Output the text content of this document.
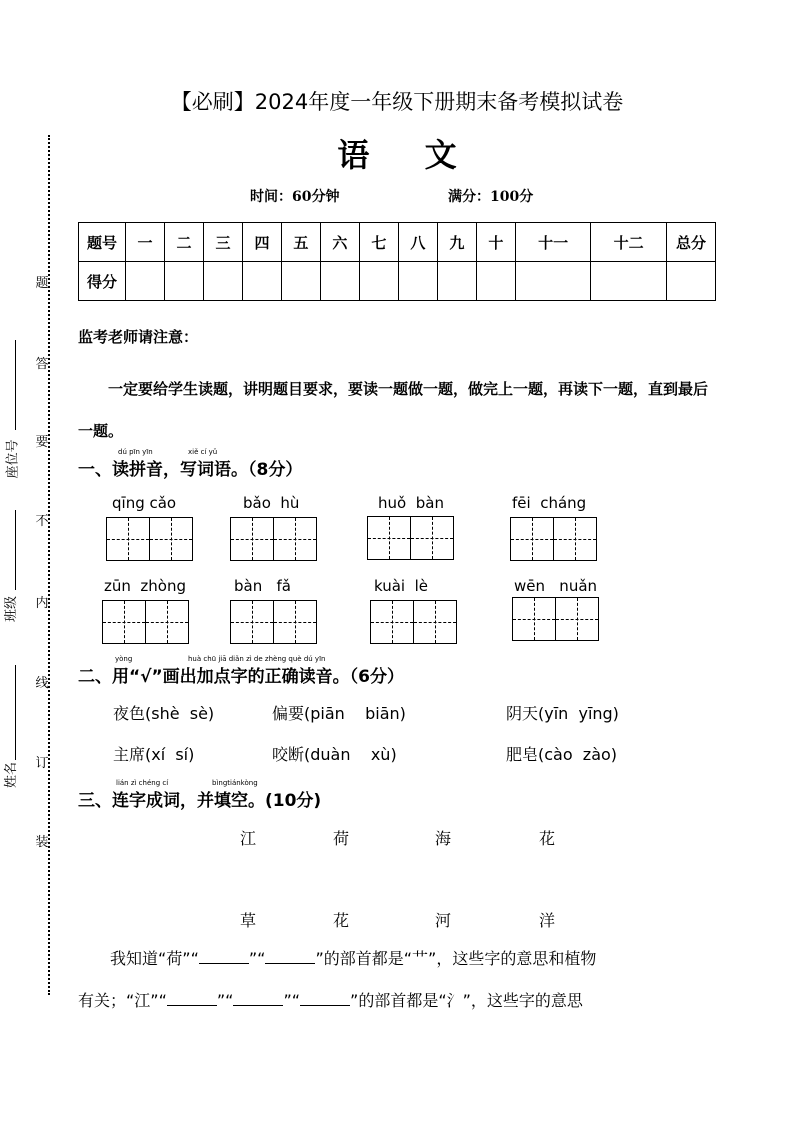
题
答
要
不
内
线
订
装
座位号
班级
姓名
【必刷】2024年度一年级下册期末备考模拟试卷
语 文
时间：60分钟	满分：100分
题号	一	二	三	四	五	六	七	八	九	十	十一	十二	总分
得分													
监考老师请注意：
一定要给学生读题，讲明题目要求，要读一题做一题，做完上一题，再读下一题，直到最后一题。
dú pīn yīn	xiě cí yǔ
一、读拼音，写词语。（8分）
qīng cǎo	bǎo  hù	huǒ  bàn	fēi  cháng
zūn  zhòng	bàn   fǎ	kuài  lè	wēn   nuǎn
yòng	huà chū jiā diǎn zì de zhèng què dú yīn
二、用“√”画出加点字的正确读音。（6分）
夜色(shè  sè)	偏要(piān    biān)	阴天(yīn  yīng)
主席(xí  sí)	咬断(duàn    xù)	肥皂(cào  zào)
lián zì chéng cí	bìngtiánkòng
三、连字成词，并填空。(10分)
江	荷	海	花
草	花	河	洋
我知道“荷”“	”“	”的部首都是“艹”，这些字的意思和植物
有关；“江”“	”“	”“	”的部首都是“氵”，这些字的意思
